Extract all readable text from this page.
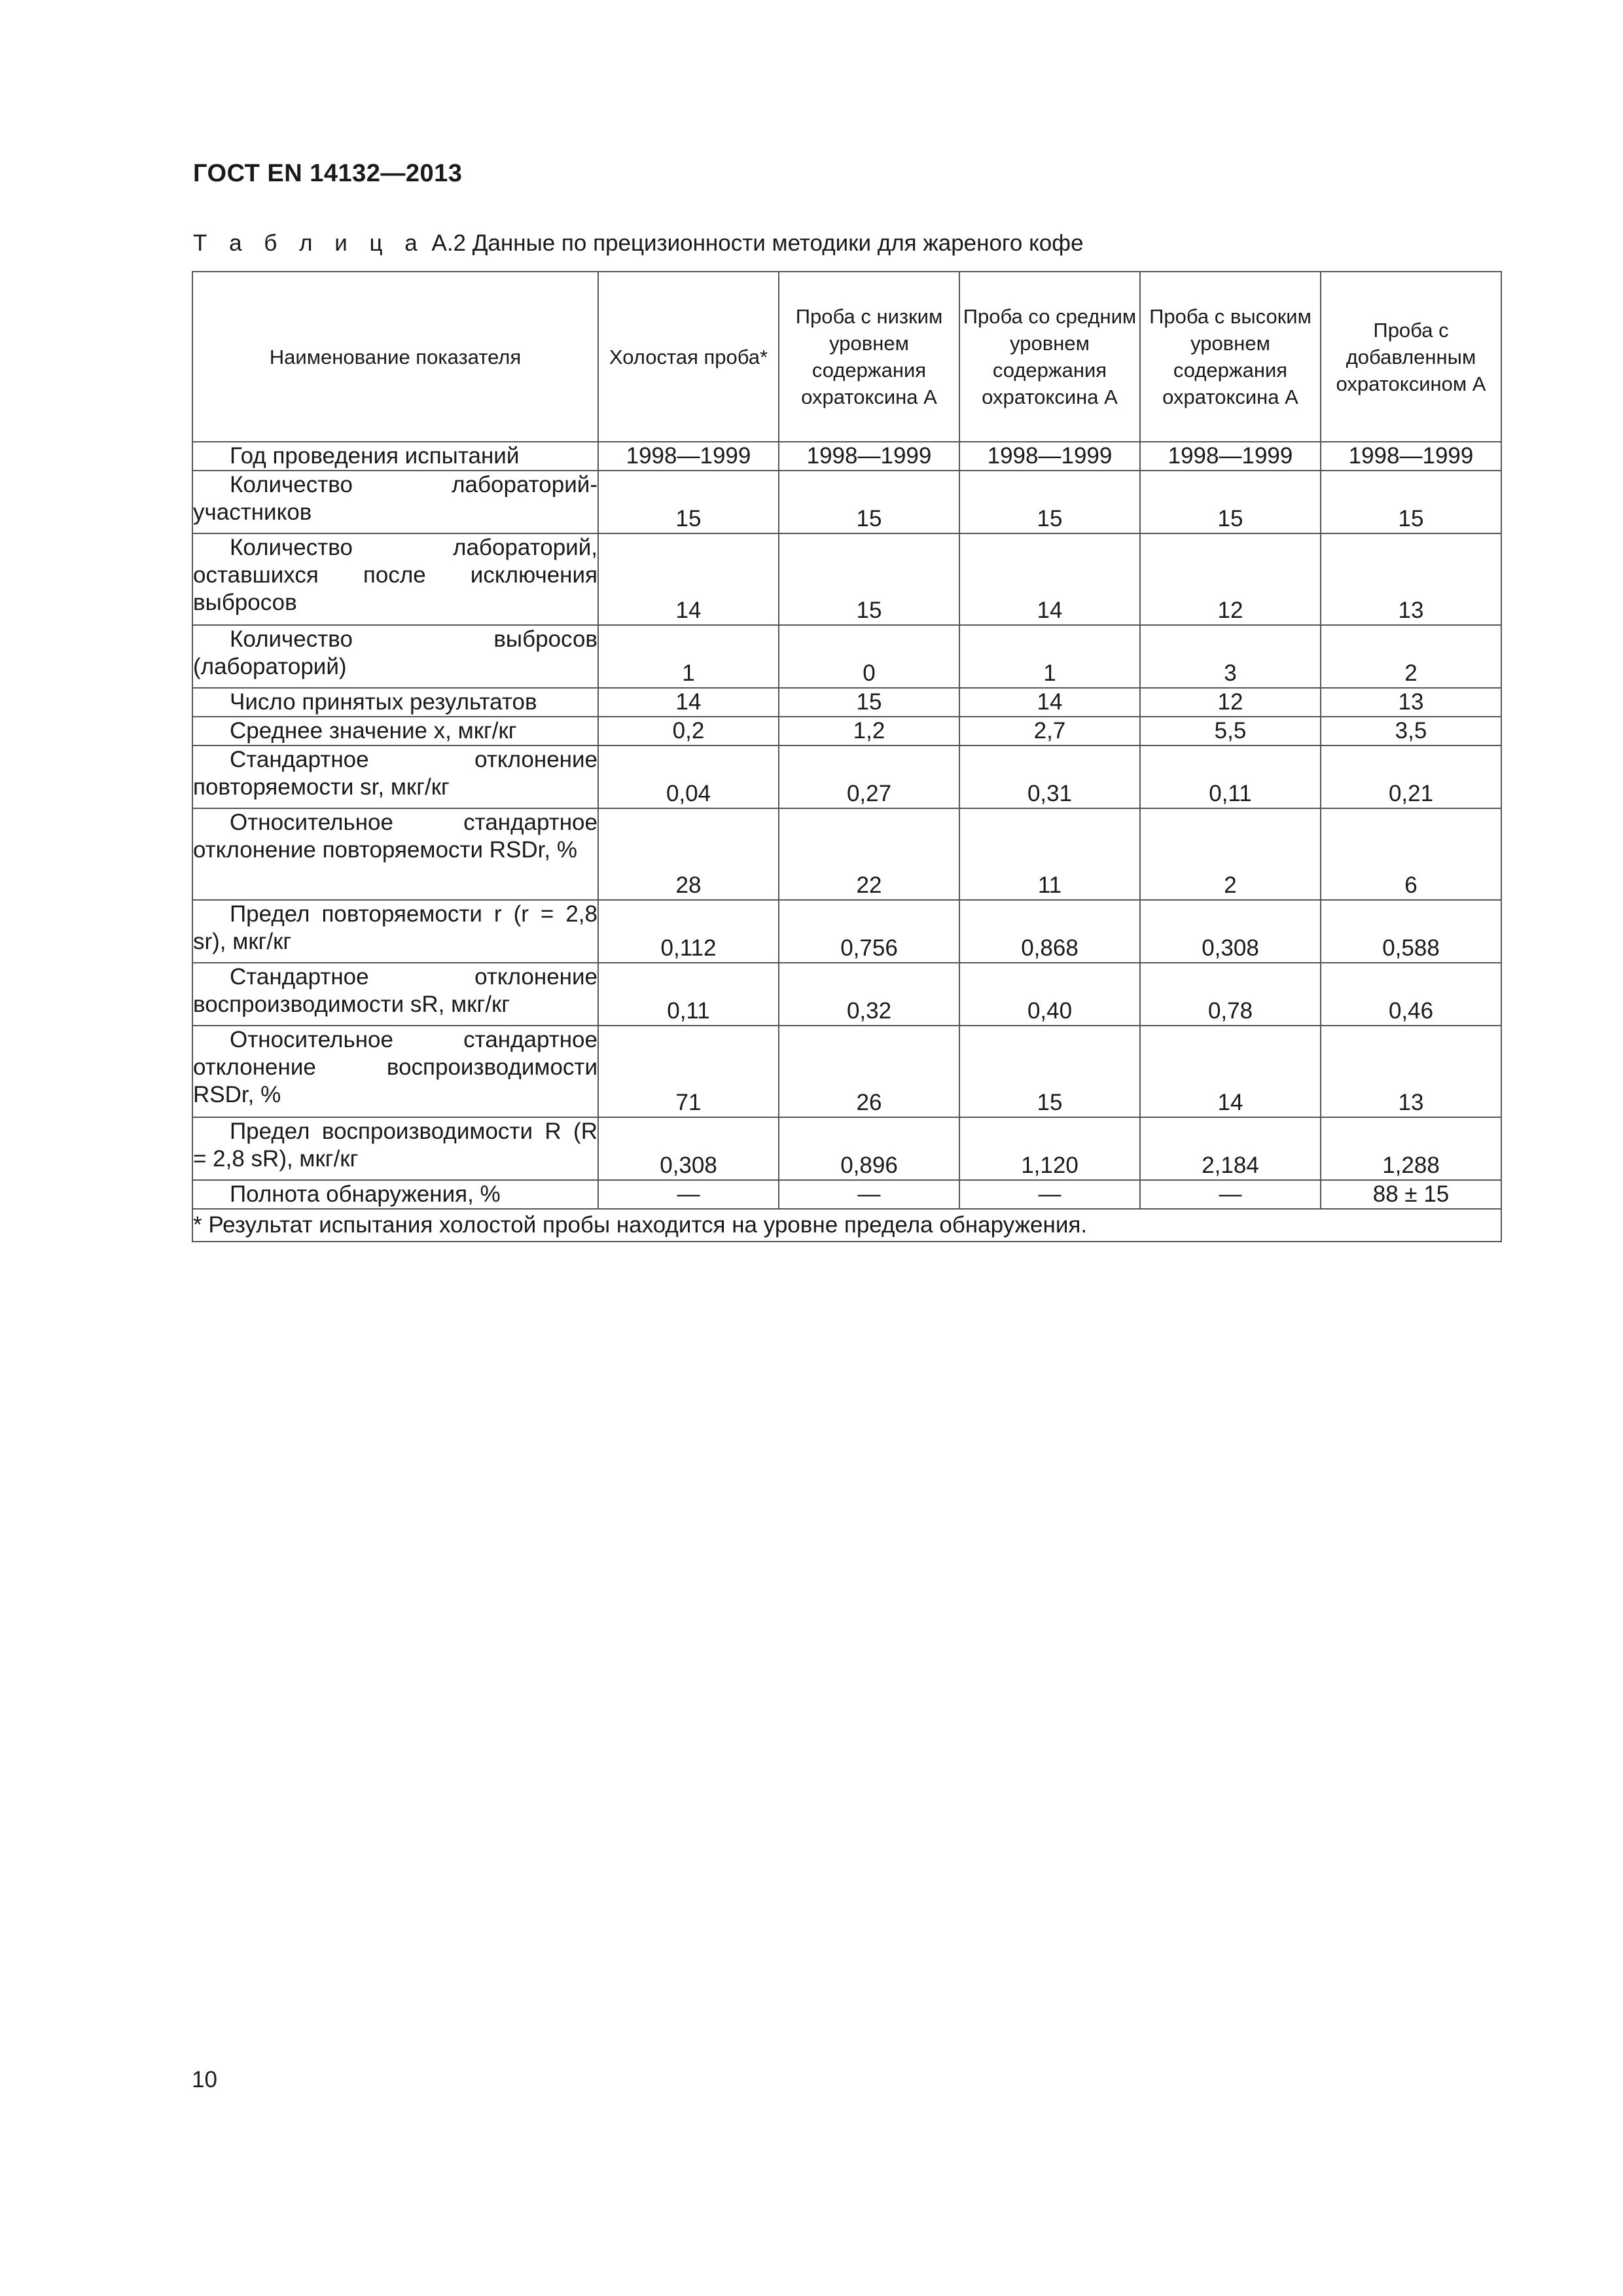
ГОСТ EN 14132—2013
Т а б л и ц а А.2 Данные по прецизионности методики для жареного кофе
Наименование показателя	Холостая проба*	Проба с низким уровнем содержания охратоксина А	Проба со средним уровнем содержания охратоксина А	Проба с высоким уровнем содержания охратоксина А	Проба с добавленным охратоксином А

Год проведения испытаний	1998—1999	1998—1999	1998—1999	1998—1999	1998—1999

Количество лабораторий-участников	15	15	15	15	15

Количество лабораторий, оставшихся после исключения выбросов	14	15	14	12	13

Количество выбросов (лабораторий)	1	0	1	3	2

Число принятых результатов	14	15	14	12	13

Среднее значение x, мкг/кг	0,2	1,2	2,7	5,5	3,5

Стандартное отклонение повторяемости sr, мкг/кг	0,04	0,27	0,31	0,11	0,21

Относительное стандартное отклонение повторяемости RSDr, %	28	22	11	2	6

Предел повторяемости r (r = 2,8 sr), мкг/кг	0,112	0,756	0,868	0,308	0,588

Стандартное отклонение воспроизводимости sR, мкг/кг	0,11	0,32	0,40	0,78	0,46

Относительное стандартное отклонение воспроизводимости RSDr, %	71	26	15	14	13

Предел воспроизводимости R (R = 2,8 sR), мкг/кг	0,308	0,896	1,120	2,184	1,288

Полнота обнаружения, %	—	—	—	—	88 ± 15
* Результат испытания холостой пробы находится на уровне предела обнаружения.					
10
